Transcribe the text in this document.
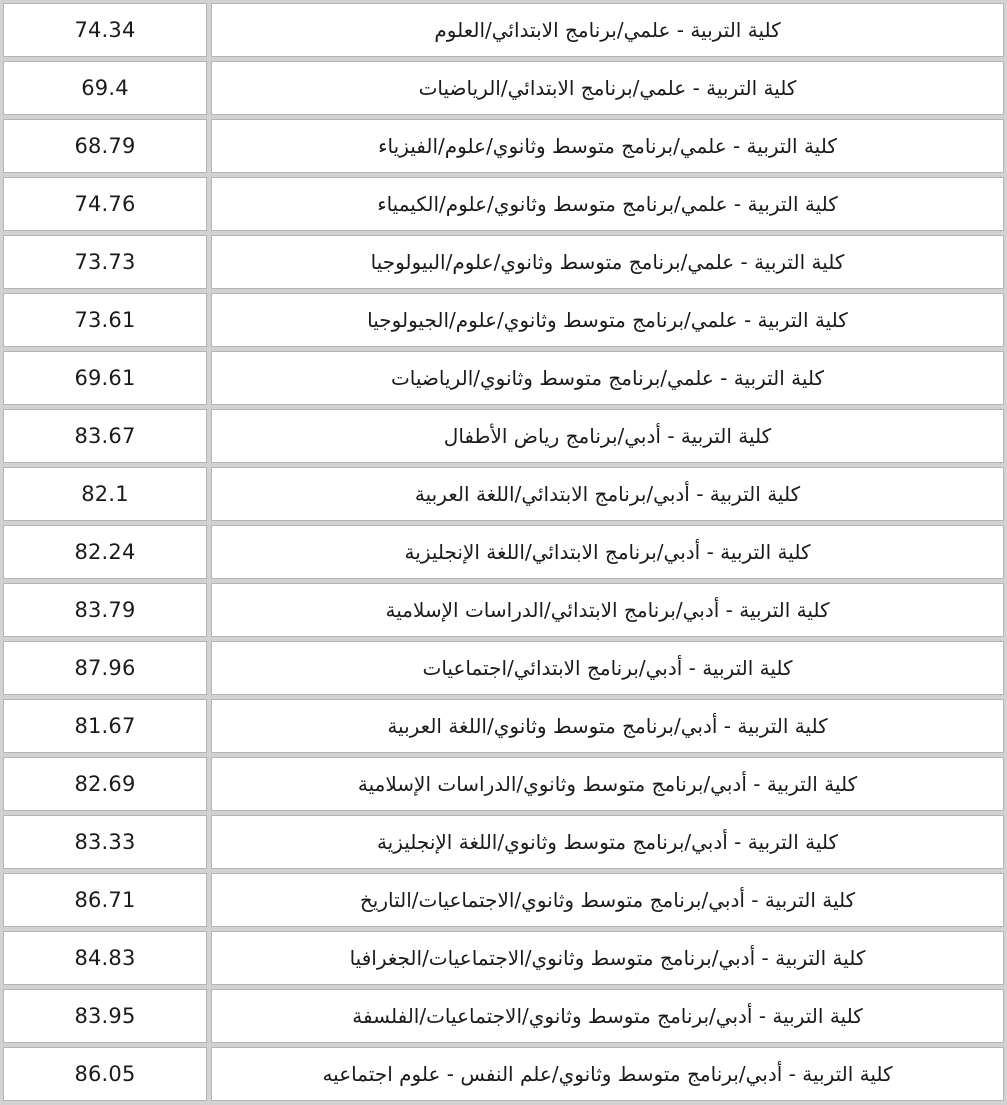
74.34	كلية التربية - علمي/برنامج الابتدائي/العلوم
69.4	كلية التربية - علمي/برنامج الابتدائي/الرياضيات
68.79	كلية التربية - علمي/برنامج متوسط وثانوي/علوم/الفيزياء
74.76	كلية التربية - علمي/برنامج متوسط وثانوي/علوم/الكيمياء
73.73	كلية التربية - علمي/برنامج متوسط وثانوي/علوم/البيولوجيا
73.61	كلية التربية - علمي/برنامج متوسط وثانوي/علوم/الجيولوجيا
69.61	كلية التربية - علمي/برنامج متوسط وثانوي/الرياضيات
83.67	كلية التربية - أدبي/برنامج رياض الأطفال
82.1	كلية التربية - أدبي/برنامج الابتدائي/اللغة العربية
82.24	كلية التربية - أدبي/برنامج الابتدائي/اللغة الإنجليزية
83.79	كلية التربية - أدبي/برنامج الابتدائي/الدراسات الإسلامية
87.96	كلية التربية - أدبي/برنامج الابتدائي/اجتماعيات
81.67	كلية التربية - أدبي/برنامج متوسط وثانوي/اللغة العربية
82.69	كلية التربية - أدبي/برنامج متوسط وثانوي/الدراسات الإسلامية
83.33	كلية التربية - أدبي/برنامج متوسط وثانوي/اللغة الإنجليزية
86.71	كلية التربية - أدبي/برنامج متوسط وثانوي/الاجتماعيات/التاريخ
84.83	كلية التربية - أدبي/برنامج متوسط وثانوي/الاجتماعيات/الجغرافيا
83.95	كلية التربية - أدبي/برنامج متوسط وثانوي/الاجتماعيات/الفلسفة
86.05	كلية التربية - أدبي/برنامج متوسط وثانوي/علم النفس - علوم اجتماعيه
